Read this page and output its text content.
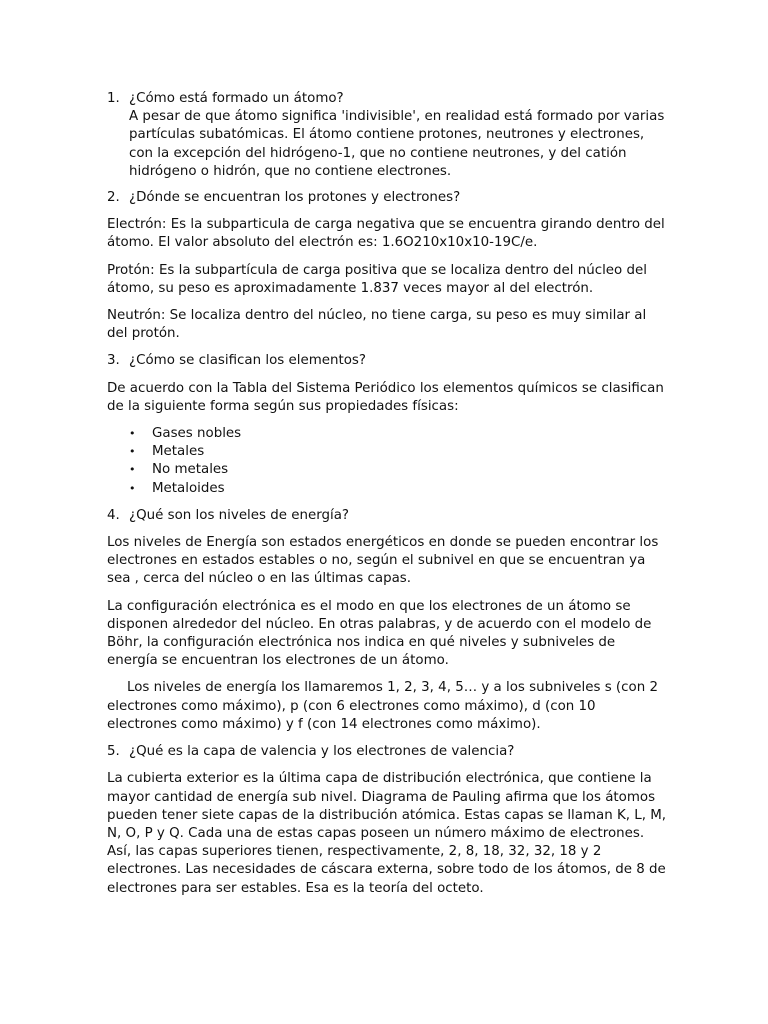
1. ¿Cómo está formado un átomo?
A pesar de que átomo significa 'indivisible', en realidad está formado por varias partículas subatómicas. El átomo contiene protones, neutrones y electrones, con la excepción del hidrógeno-1, que no contiene neutrones, y del catión hidrógeno o hidrón, que no contiene electrones.
2. ¿Dónde se encuentran los protones y electrones?

Electrón: Es la subparticula de carga negativa que se encuentra girando dentro del átomo. El valor absoluto del electrón es: 1.6O210x10x10-19C/e.

Protón: Es la subpartícula de carga positiva que se localiza dentro del núcleo del átomo, su peso es aproximadamente 1.837 veces mayor al del electrón.

Neutrón: Se localiza dentro del núcleo, no tiene carga, su peso es muy similar al del protón.

3. ¿Cómo se clasifican los elementos?

De acuerdo con la Tabla del Sistema Periódico los elementos químicos se clasifican de la siguiente forma según sus propiedades físicas:

•	Gases nobles
•	Metales
•	No metales
•	Metaloides
4. ¿Qué son los niveles de energía?

Los niveles de Energía son estados energéticos en donde se pueden encontrar los electrones en estados estables o no, según el subnivel en que se encuentran ya sea , cerca del núcleo o en las últimas capas.

La configuración electrónica es el modo en que los electrones de un átomo se disponen alrededor del núcleo. En otras palabras, y de acuerdo con el modelo de Böhr, la configuración electrónica nos indica en qué niveles y subniveles de energía se encuentran los electrones de un átomo.

Los niveles de energía los llamaremos 1, 2, 3, 4, 5… y a los subniveles s (con 2 electrones como máximo), p (con 6 electrones como máximo), d (con 10 electrones como máximo) y f (con 14 electrones como máximo).

5. ¿Qué es la capa de valencia y los electrones de valencia?

La cubierta exterior es la última capa de distribución electrónica, que contiene la mayor cantidad de energía sub nivel. Diagrama de Pauling afirma que los átomos pueden tener siete capas de la distribución atómica. Estas capas se llaman K, L, M, N, O, P y Q. Cada una de estas capas poseen un número máximo de electrones. Así, las capas superiores tienen, respectivamente, 2, 8, 18, 32, 32, 18 y 2 electrones. Las necesidades de cáscara externa, sobre todo de los átomos, de 8 de electrones para ser estables. Esa es la teoría del octeto.
